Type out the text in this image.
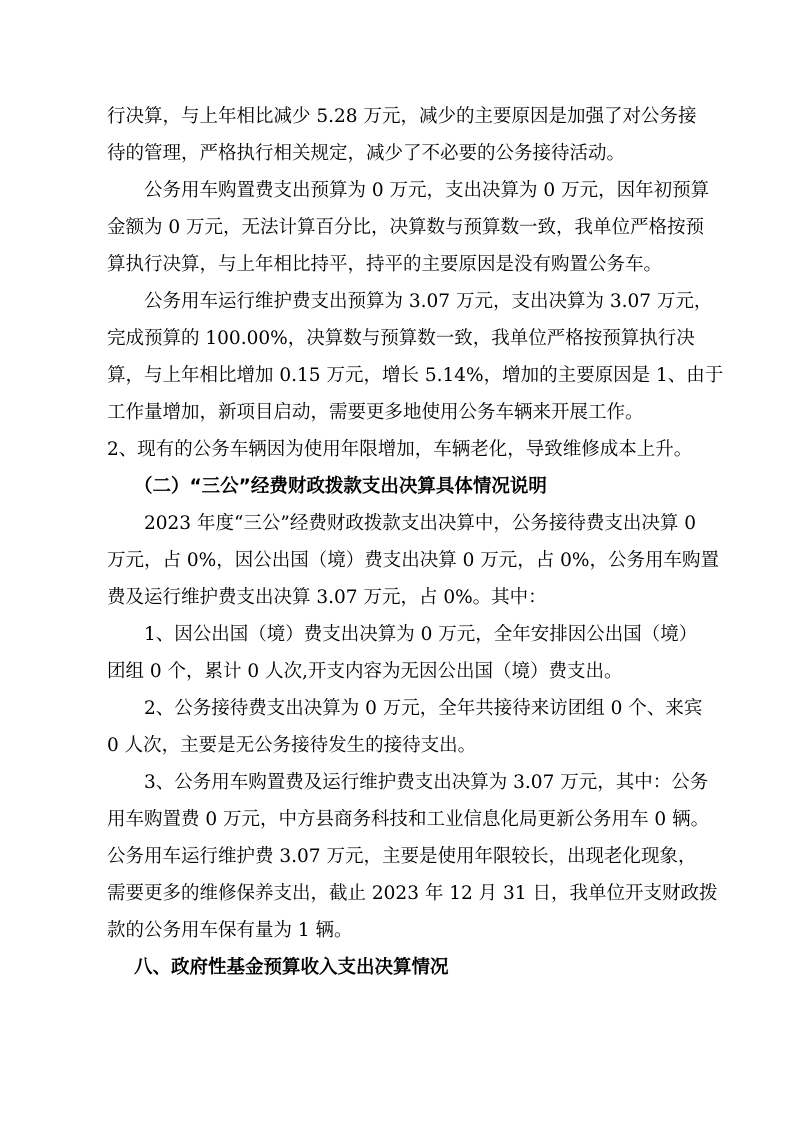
行决算，与上年相比减少 5.28 万元，减少的主要原因是加强了对公务接
待的管理，严格执行相关规定，减少了不必要的公务接待活动。
公务用车购置费支出预算为 0 万元，支出决算为 0 万元，因年初预算
金额为 0 万元，无法计算百分比，决算数与预算数一致，我单位严格按预
算执行决算，与上年相比持平，持平的主要原因是没有购置公务车。
公务用车运行维护费支出预算为 3.07 万元，支出决算为 3.07 万元，
完成预算的 100.00%，决算数与预算数一致，我单位严格按预算执行决
算，与上年相比增加 0.15 万元，增长 5.14%，增加的主要原因是 1、由于
工作量增加，新项目启动，需要更多地使用公务车辆来开展工作。
2、现有的公务车辆因为使用年限增加，车辆老化，导致维修成本上升。
（二）“三公”经费财政拨款支出决算具体情况说明
2023 年度“三公”经费财政拨款支出决算中，公务接待费支出决算 0
万元，占 0%，因公出国（境）费支出决算 0 万元，占 0%，公务用车购置
费及运行维护费支出决算 3.07 万元，占 0%。其中：
1、因公出国（境）费支出决算为 0 万元，全年安排因公出国（境）
团组 0 个，累计 0 人次,开支内容为无因公出国（境）费支出。
2、公务接待费支出决算为 0 万元，全年共接待来访团组 0 个、来宾
0 人次，主要是无公务接待发生的接待支出。
3、公务用车购置费及运行维护费支出决算为 3.07 万元，其中：公务
用车购置费 0 万元，中方县商务科技和工业信息化局更新公务用车 0 辆。
公务用车运行维护费 3.07 万元，主要是使用年限较长，出现老化现象，
需要更多的维修保养支出，截止 2023 年 12 月 31 日，我单位开支财政拨
款的公务用车保有量为 1 辆。
八、政府性基金预算收入支出决算情况
